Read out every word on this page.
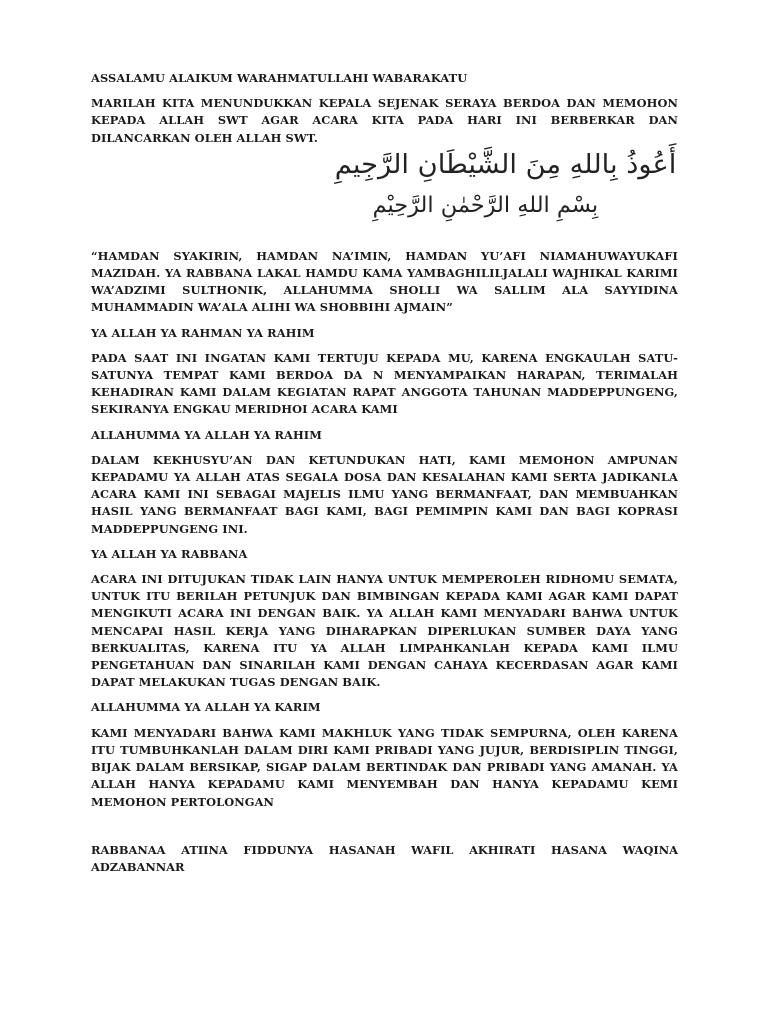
ASSALAMU ALAIKUM WARAHMATULLAHI WABARAKATU

MARILAH KITA MENUNDUKKAN KEPALA SEJENAK SERAYA BERDOA DAN MEMOHON KEPADA ALLAH SWT AGAR ACARA KITA PADA HARI INI BERBERKAR DAN DILANCARKAN OLEH ALLAH SWT.

أَعُوذُ بِاللهِ مِنَ الشَّيْطَانِ الرَّجِيمِ
بِسْمِ اللهِ الرَّحْمٰنِ الرَّحِيْمِ

“HAMDAN SYAKIRIN, HAMDAN NA’IMIN, HAMDAN YU’AFI NIAMAHUWAYUKAFI MAZIDAH. YA RABBANA LAKAL HAMDU KAMA YAMBAGHILILJALALI WAJHIKAL KARIMI WA’ADZIMI SULTHONIK, ALLAHUMMA SHOLLI WA SALLIM ALA SAYYIDINA MUHAMMADIN WA’ALA ALIHI WA SHOBBIHI AJMAIN”

YA ALLAH YA RAHMAN YA RAHIM

PADA SAAT INI INGATAN KAMI TERTUJU KEPADA MU, KARENA ENGKAULAH SATU-SATUNYA TEMPAT KAMI BERDOA DA N MENYAMPAIKAN HARAPAN, TERIMALAH KEHADIRAN KAMI DALAM KEGIATAN RAPAT ANGGOTA TAHUNAN MADDEPPUNGENG, SEKIRANYA ENGKAU MERIDHOI ACARA KAMI

ALLAHUMMA YA ALLAH YA RAHIM

DALAM KEKHUSYU’AN DAN KETUNDUKAN HATI, KAMI MEMOHON AMPUNAN KEPADAMU YA ALLAH ATAS SEGALA DOSA DAN KESALAHAN KAMI SERTA JADIKANLA ACARA KAMI INI SEBAGAI MAJELIS ILMU YANG BERMANFAAT, DAN MEMBUAHKAN HASIL YANG BERMANFAAT BAGI KAMI, BAGI PEMIMPIN KAMI DAN BAGI KOPRASI MADDEPPUNGENG INI.

YA ALLAH YA RABBANA

ACARA INI DITUJUKAN TIDAK LAIN HANYA UNTUK MEMPEROLEH RIDHOMU SEMATA, UNTUK ITU BERILAH PETUNJUK DAN BIMBINGAN KEPADA KAMI AGAR KAMI DAPAT MENGIKUTI ACARA INI DENGAN BAIK. YA ALLAH KAMI MENYADARI BAHWA UNTUK MENCAPAI HASIL KERJA YANG DIHARAPKAN DIPERLUKAN SUMBER DAYA YANG BERKUALITAS, KARENA ITU YA ALLAH LIMPAHKANLAH KEPADA KAMI ILMU PENGETAHUAN DAN SINARILAH KAMI DENGAN CAHAYA KECERDASAN AGAR KAMI DAPAT MELAKUKAN TUGAS DENGAN BAIK.

ALLAHUMMA YA ALLAH YA KARIM

KAMI MENYADARI BAHWA KAMI MAKHLUK YANG TIDAK SEMPURNA, OLEH KARENA ITU TUMBUHKANLAH DALAM DIRI KAMI PRIBADI YANG JUJUR, BERDISIPLIN TINGGI, BIJAK DALAM BERSIKAP, SIGAP DALAM BERTINDAK DAN PRIBADI YANG AMANAH. YA ALLAH HANYA KEPADAMU KAMI MENYEMBAH DAN HANYA KEPADAMU KEMI MEMOHON PERTOLONGAN

RABBANAA ATIINA FIDDUNYA HASANAH WAFIL AKHIRATI HASANA WAQINA ADZABANNAR
